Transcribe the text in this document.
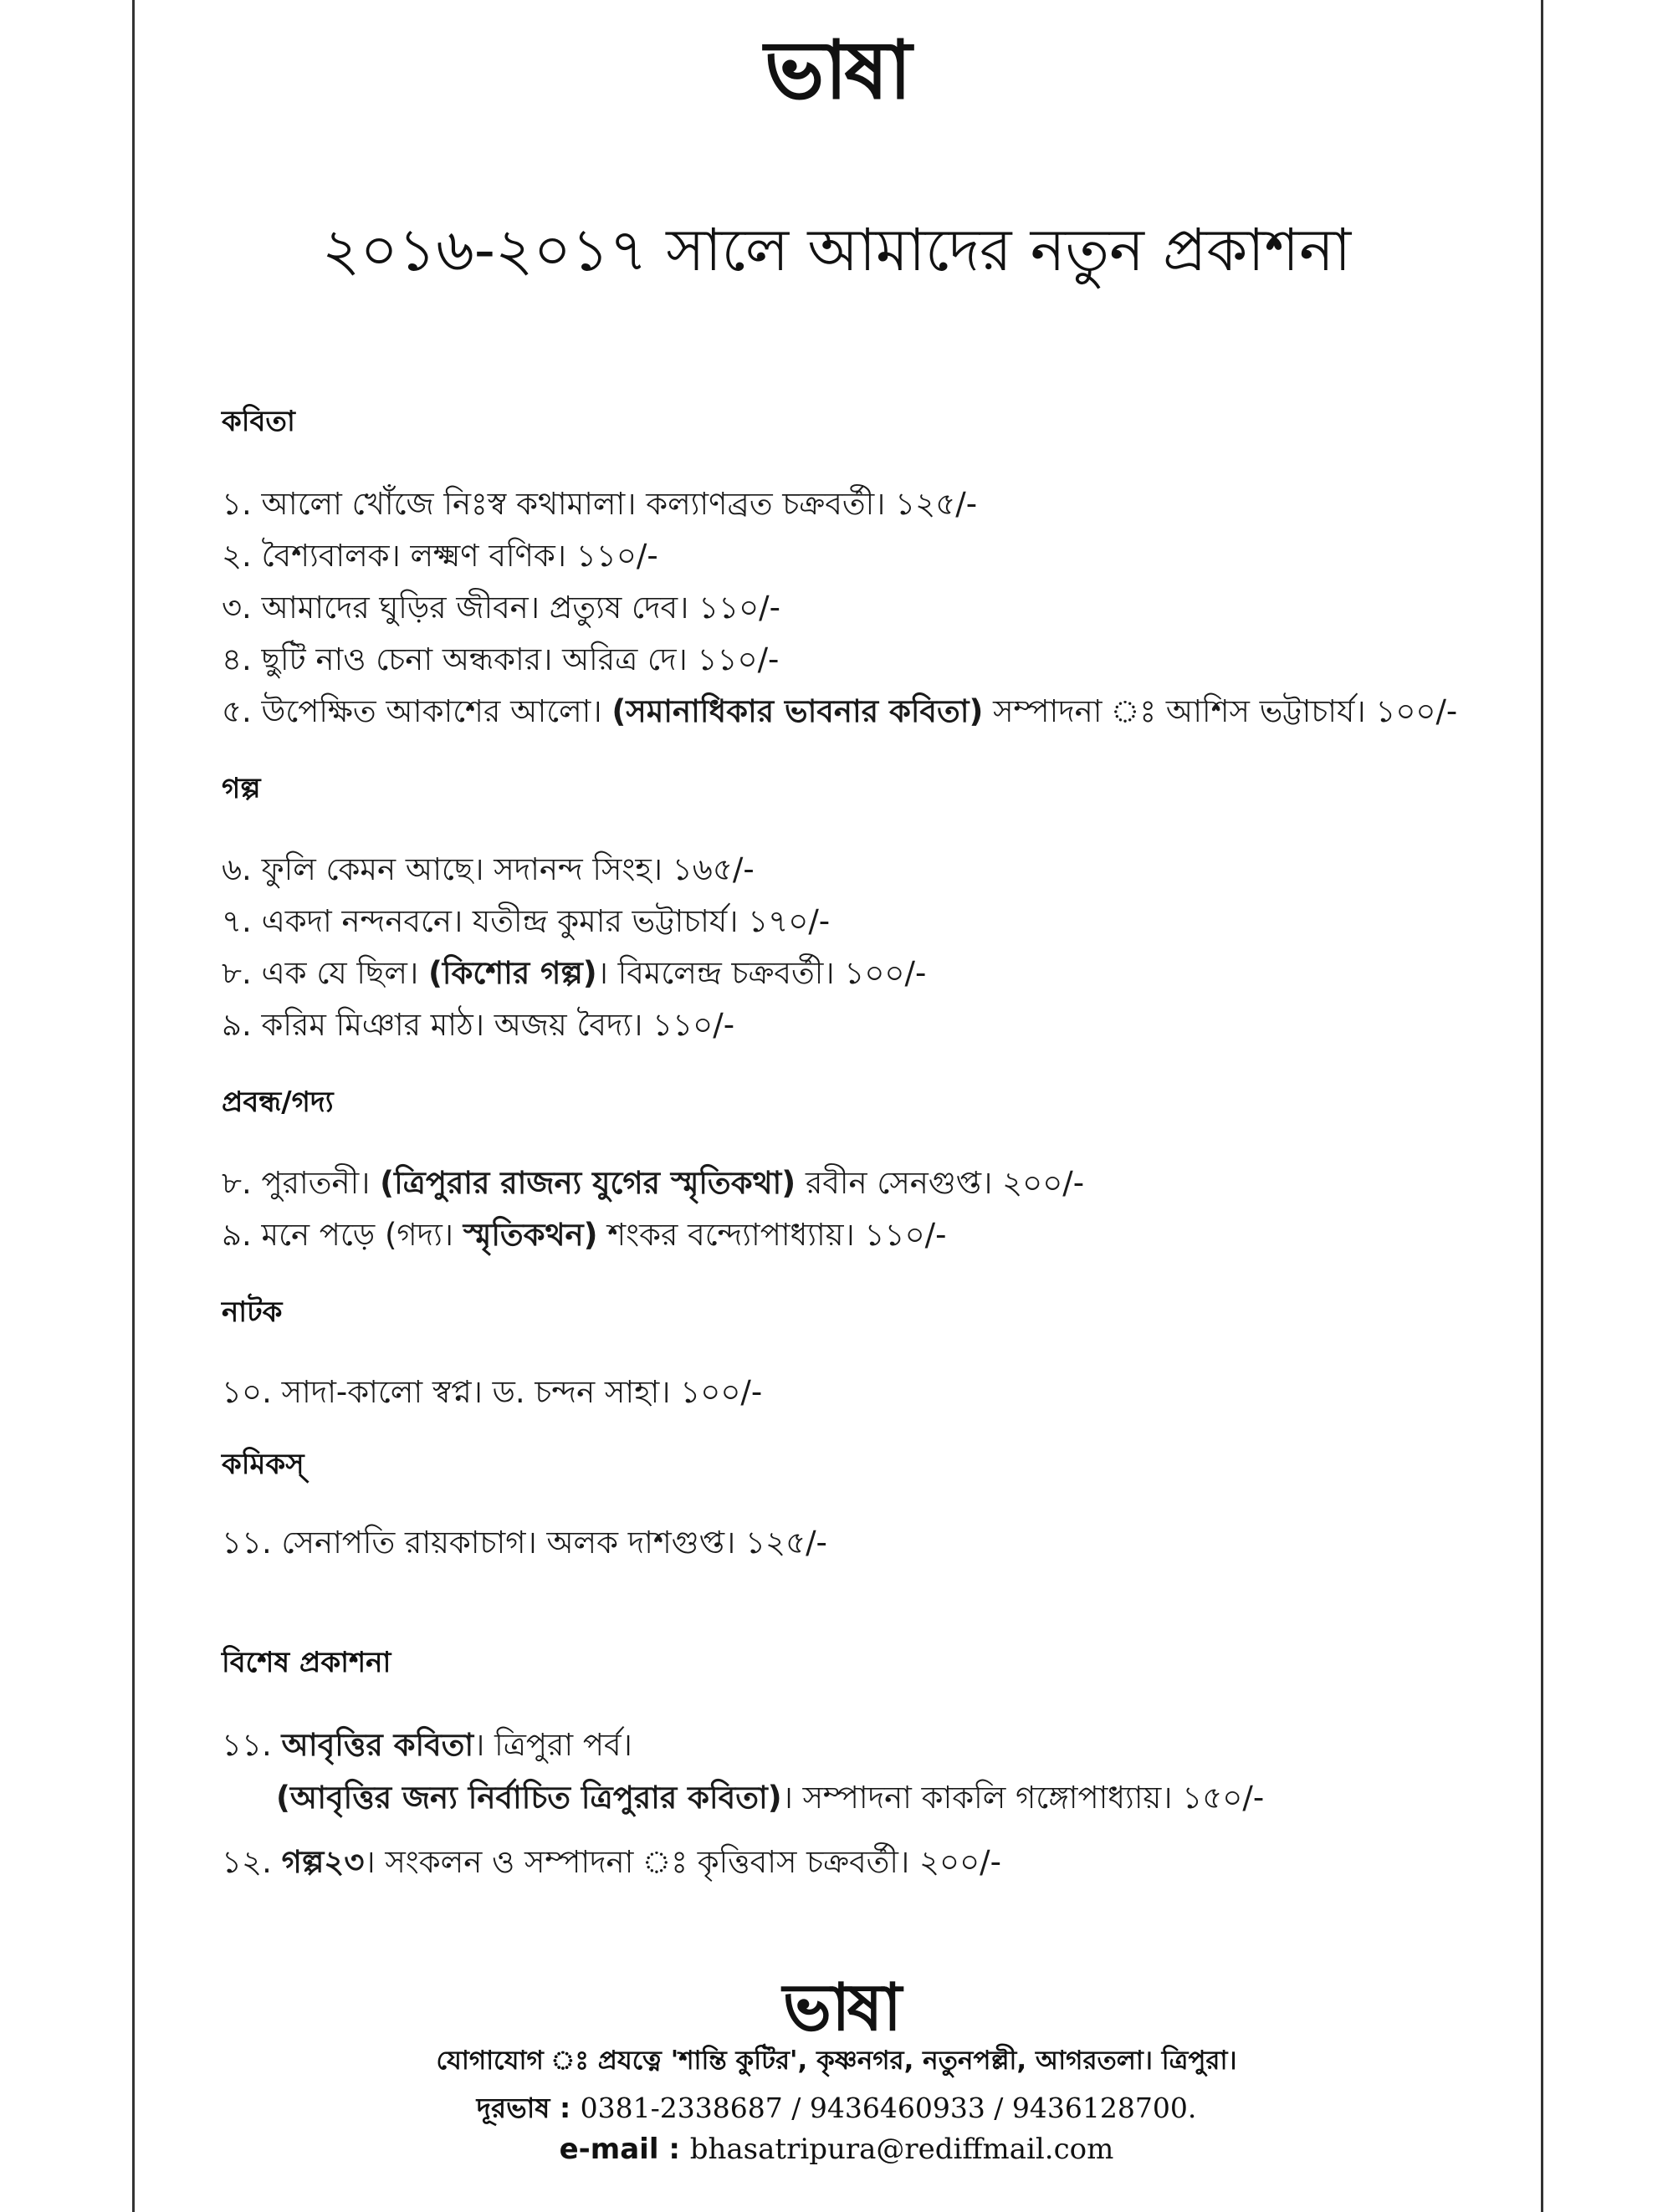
ভাষা
২০১৬-২০১৭ সালে আমাদের নতুন প্রকাশনা
কবিতা
১. আলো খোঁজে নিঃস্ব কথামালা। কল্যাণব্রত চক্রবর্তী। ১২৫/-
২. বৈশ্যবালক। লক্ষ্মণ বণিক। ১১০/-
৩. আমাদের ঘুড়ির জীবন। প্রত্যুষ দেব। ১১০/-
৪. ছুটি নাও চেনা অন্ধকার। অরিত্র দে। ১১০/-
৫. উপেক্ষিত আকাশের আলো। (সমানাধিকার ভাবনার কবিতা) সম্পাদনা ঃ আশিস ভট্টাচার্য। ১০০/-
গল্প
৬. ফুলি কেমন আছে। সদানন্দ সিংহ। ১৬৫/-
৭. একদা নন্দনবনে। যতীন্দ্র কুমার ভট্টাচার্য। ১৭০/-
৮. এক যে ছিল। (কিশোর গল্প)। বিমলেন্দ্র চক্রবর্তী। ১০০/-
৯. করিম মিঞার মাঠ। অজয় বৈদ্য। ১১০/-
প্রবন্ধ/গদ্য
৮. পুরাতনী। (ত্রিপুরার রাজন্য যুগের স্মৃতিকথা) রবীন সেনগুপ্ত। ২০০/-
৯. মনে পড়ে (গদ্য। স্মৃতিকথন) শংকর বন্দ্যোপাধ্যায়। ১১০/-
নাটক
১০. সাদা-কালো স্বপ্ন। ড. চন্দন সাহা। ১০০/-
কমিকস্
১১. সেনাপতি রায়কাচাগ। অলক দাশগুপ্ত। ১২৫/-
বিশেষ প্রকাশনা
১১. আবৃত্তির কবিতা। ত্রিপুরা পর্ব।
(আবৃত্তির জন্য নির্বাচিত ত্রিপুরার কবিতা)। সম্পাদনা কাকলি গঙ্গোপাধ্যায়। ১৫০/-
১২. গল্প২৩। সংকলন ও সম্পাদনা ঃ কৃত্তিবাস চক্রবর্তী। ২০০/-
ভাষা
যোগাযোগ ঃ প্রযত্নে 'শান্তি কুটির', কৃষ্ণনগর, নতুনপল্লী, আগরতলা। ত্রিপুরা।
দূরভাষ : 0381-2338687 / 9436460933 / 9436128700.
e-mail : bhasatripura@rediffmail.com
